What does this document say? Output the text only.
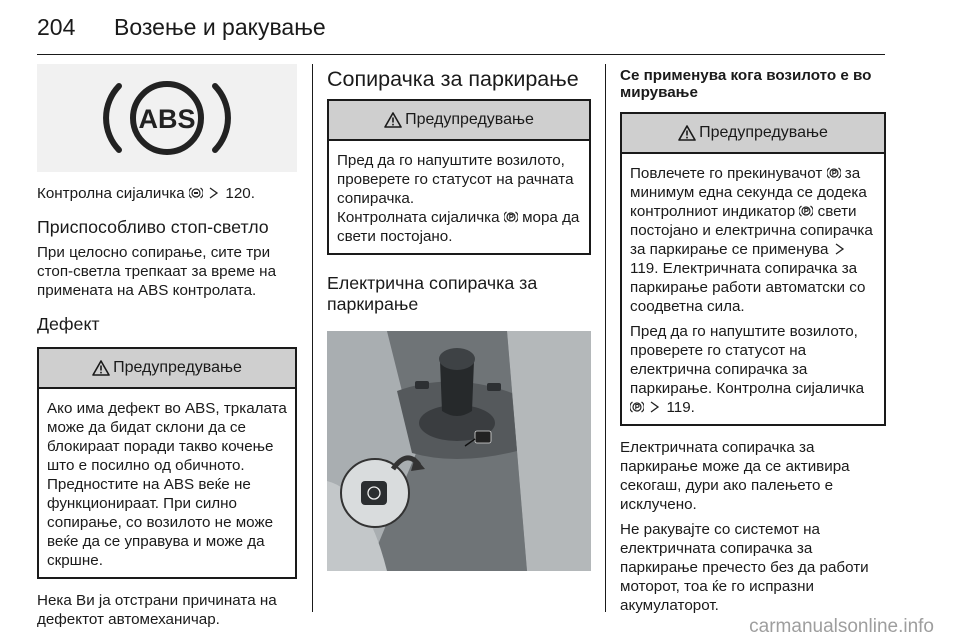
204 Возење и ракување
ABS

Контролна сијаличка	120.

Приспособливо стоп-светло

При целосно сопирање, сите три стоп-светла трепкаат за време на примената на ABS контролата.

Дефект

Предупредување
Ако има дефект во ABS, тркалата може да бидат склони да се блокираат поради такво кочење што е посилно од обичното. Предностите на ABS веќе не функционираат. При силно сопирање, со возилото не може веќе да се управува и може да скршне.

Нека Ви ја отстрани причината на дефектот автомеханичар.

Сопирачка за паркирање

Предупредување
Пред да го напуштите возилото, проверете го статусот на рачната сопирачка.
Контролната сијаличка мора да свети постојано.

Електрична сопирачка за паркирање

Се применува кога возилото е во мирување

Предупредување

Повлечете го прекинувачот за минимум една секунда се додека контролниот индикатор свети постојано и електрична сопирачка за паркирање се применува  119. Електричната сопирачка за паркирање работи автоматски со соодветна сила.

Пред да го напуштите возилото, проверете го статусот на електрична сопирачка за паркирање. Контролна сијаличка   119.

Електричната сопирачка за паркирање може да се активира секогаш, дури ако палењето е исклучено.

Не ракувајте со системот на електричната сопирачка за паркирање пречесто без да работи моторот, тоа ќе го испразни акумулаторот.

carmanualsonline.info
